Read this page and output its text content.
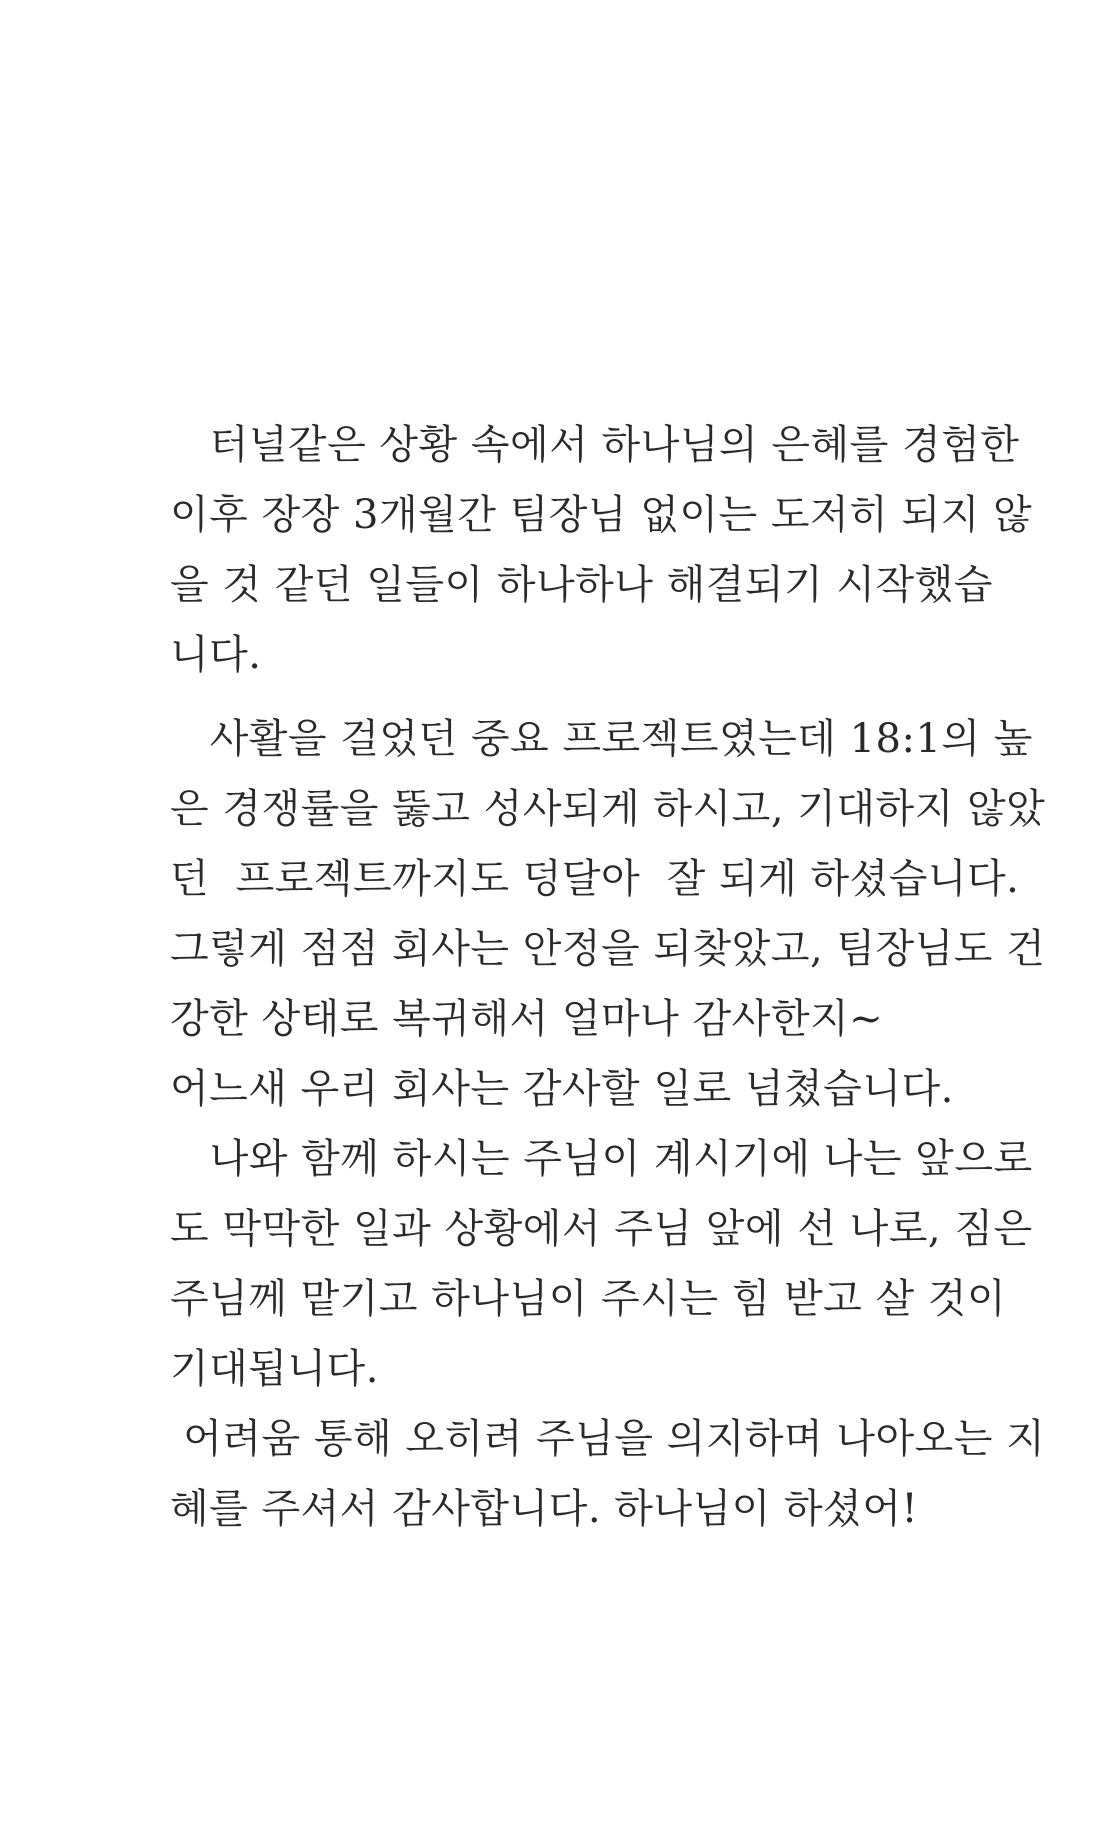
터널같은 상황 속에서 하나님의 은혜를 경험한
이후 장장 3개월간 팀장님 없이는 도저히 되지 않
을 것 같던 일들이 하나하나 해결되기 시작했습
니다.
사활을 걸었던 중요 프로젝트였는데 18:1의 높
은 경쟁률을 뚫고 성사되게 하시고, 기대하지 않았
던  프로젝트까지도 덩달아  잘 되게 하셨습니다.
그렇게 점점 회사는 안정을 되찾았고, 팀장님도 건
강한 상태로 복귀해서 얼마나 감사한지~
어느새 우리 회사는 감사할 일로 넘쳤습니다.
나와 함께 하시는 주님이 계시기에 나는 앞으로
도 막막한 일과 상황에서 주님 앞에 선 나로, 짐은
주님께 맡기고 하나님이 주시는 힘 받고 살 것이
기대됩니다.
어려움 통해 오히려 주님을 의지하며 나아오는 지
혜를 주셔서 감사합니다. 하나님이 하셨어!
